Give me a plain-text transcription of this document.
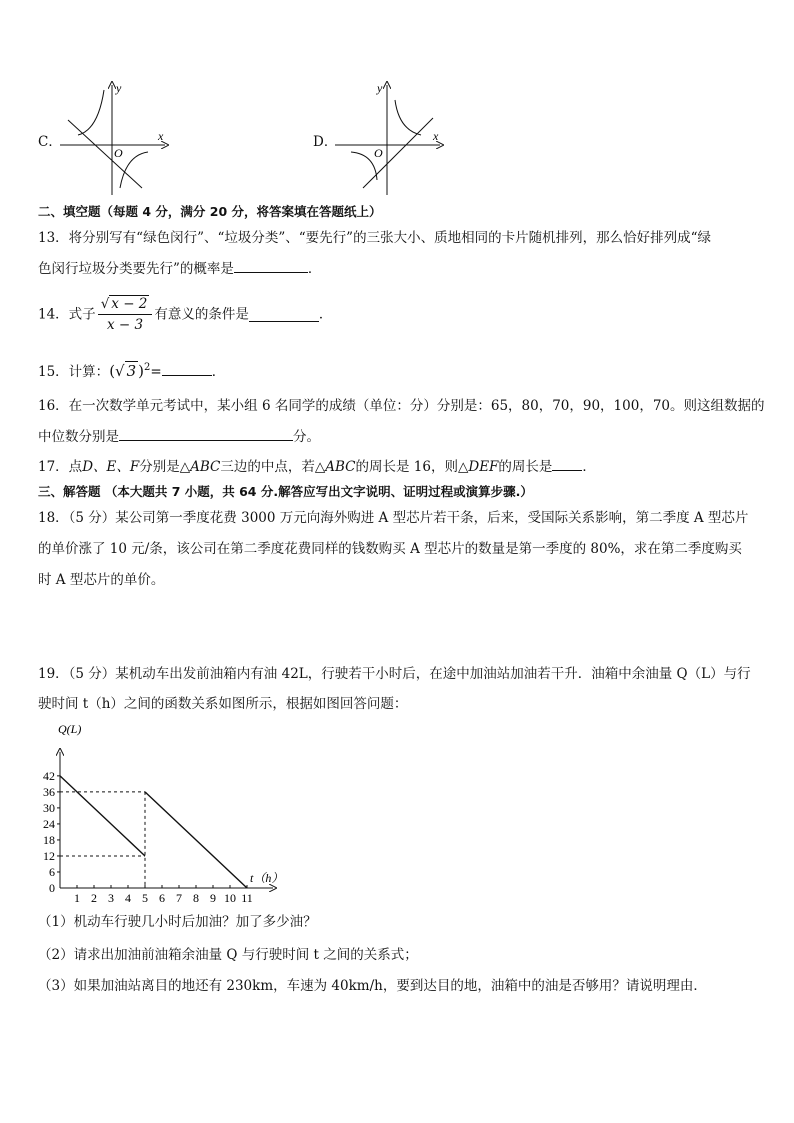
C．
y
x
O
D．
y
x
O
二、填空题（每题 4 分，满分 20 分，将答案填在答题纸上）
13．将分别写有“绿色闵行”、“垃圾分类”、“要先行”的三张大小、质地相同的卡片随机排列，那么恰好排列成“绿
色闵行垃圾分类要先行”的概率是	．
14．式子 $\frac{√ x - 2}{x - 3}$ 有意义的条件是	．
15．计算：(√ 3 )$^2$=	．
16．在一次数学单元考试中，某小组 6 名同学的成绩（单位：分）分别是：65，80，70，90，100，70。则这组数据的
中位数分别是	分。
17．点D、E、F分别是△ABC三边的中点，若△ABC的周长是 16，则△DEF的周长是 ．
三、解答题 （本大题共 7 小题，共 64 分.解答应写出文字说明、证明过程或演算步骤.）
18．（5 分）某公司第一季度花费 3000 万元向海外购进 A 型芯片若干条，后来，受国际关系影响，第二季度 A 型芯片
的单价涨了 10 元/条，该公司在第二季度花费同样的钱数购买 A 型芯片的数量是第一季度的 80%，求在第二季度购买
时 A 型芯片的单价。
19．（5 分）某机动车出发前油箱内有油 42L，行驶若干小时后，在途中加油站加油若干升．油箱中余油量 Q（L）与行
驶时间 t（h）之间的函数关系如图所示，根据如图回答问题：
0
6
12
18
24
30
36
42
1 2 3 4 5 6 7 8 9 10 11
Q(L)
t（h）
（1）机动车行驶几小时后加油？加了多少油？
（2）请求出加油前油箱余油量 Q 与行驶时间 t 之间的关系式；
（3）如果加油站离目的地还有 230km，车速为 40km/h，要到达目的地，油箱中的油是否够用？请说明理由．
